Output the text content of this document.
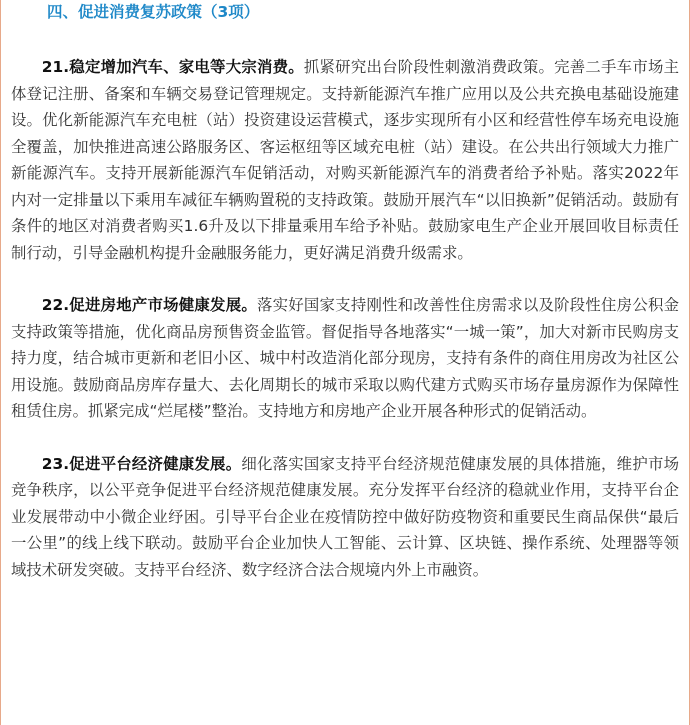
四、促进消费复苏政策（3项）

21.稳定增加汽车、家电等大宗消费。抓紧研究出台阶段性刺激消费政策。完善二手车市场主体登记注册、备案和车辆交易登记管理规定。支持新能源汽车推广应用以及公共充换电基础设施建设。优化新能源汽车充电桩（站）投资建设运营模式，逐步实现所有小区和经营性停车场充电设施全覆盖，加快推进高速公路服务区、客运枢纽等区域充电桩（站）建设。在公共出行领域大力推广新能源汽车。支持开展新能源汽车促销活动，对购买新能源汽车的消费者给予补贴。落实2022年内对一定排量以下乘用车减征车辆购置税的支持政策。鼓励开展汽车“以旧换新”促销活动。鼓励有条件的地区对消费者购买1.6升及以下排量乘用车给予补贴。鼓励家电生产企业开展回收目标责任制行动，引导金融机构提升金融服务能力，更好满足消费升级需求。

22.促进房地产市场健康发展。落实好国家支持刚性和改善性住房需求以及阶段性住房公积金支持政策等措施，优化商品房预售资金监管。督促指导各地落实“一城一策”，加大对新市民购房支持力度，结合城市更新和老旧小区、城中村改造消化部分现房，支持有条件的商住用房改为社区公用设施。鼓励商品房库存量大、去化周期长的城市采取以购代建方式购买市场存量房源作为保障性租赁住房。抓紧完成“烂尾楼”整治。支持地方和房地产企业开展各种形式的促销活动。

23.促进平台经济健康发展。细化落实国家支持平台经济规范健康发展的具体措施，维护市场竞争秩序，以公平竞争促进平台经济规范健康发展。充分发挥平台经济的稳就业作用，支持平台企业发展带动中小微企业纾困。引导平台企业在疫情防控中做好防疫物资和重要民生商品保供“最后一公里”的线上线下联动。鼓励平台企业加快人工智能、云计算、区块链、操作系统、处理器等领域技术研发突破。支持平台经济、数字经济合法合规境内外上市融资。
